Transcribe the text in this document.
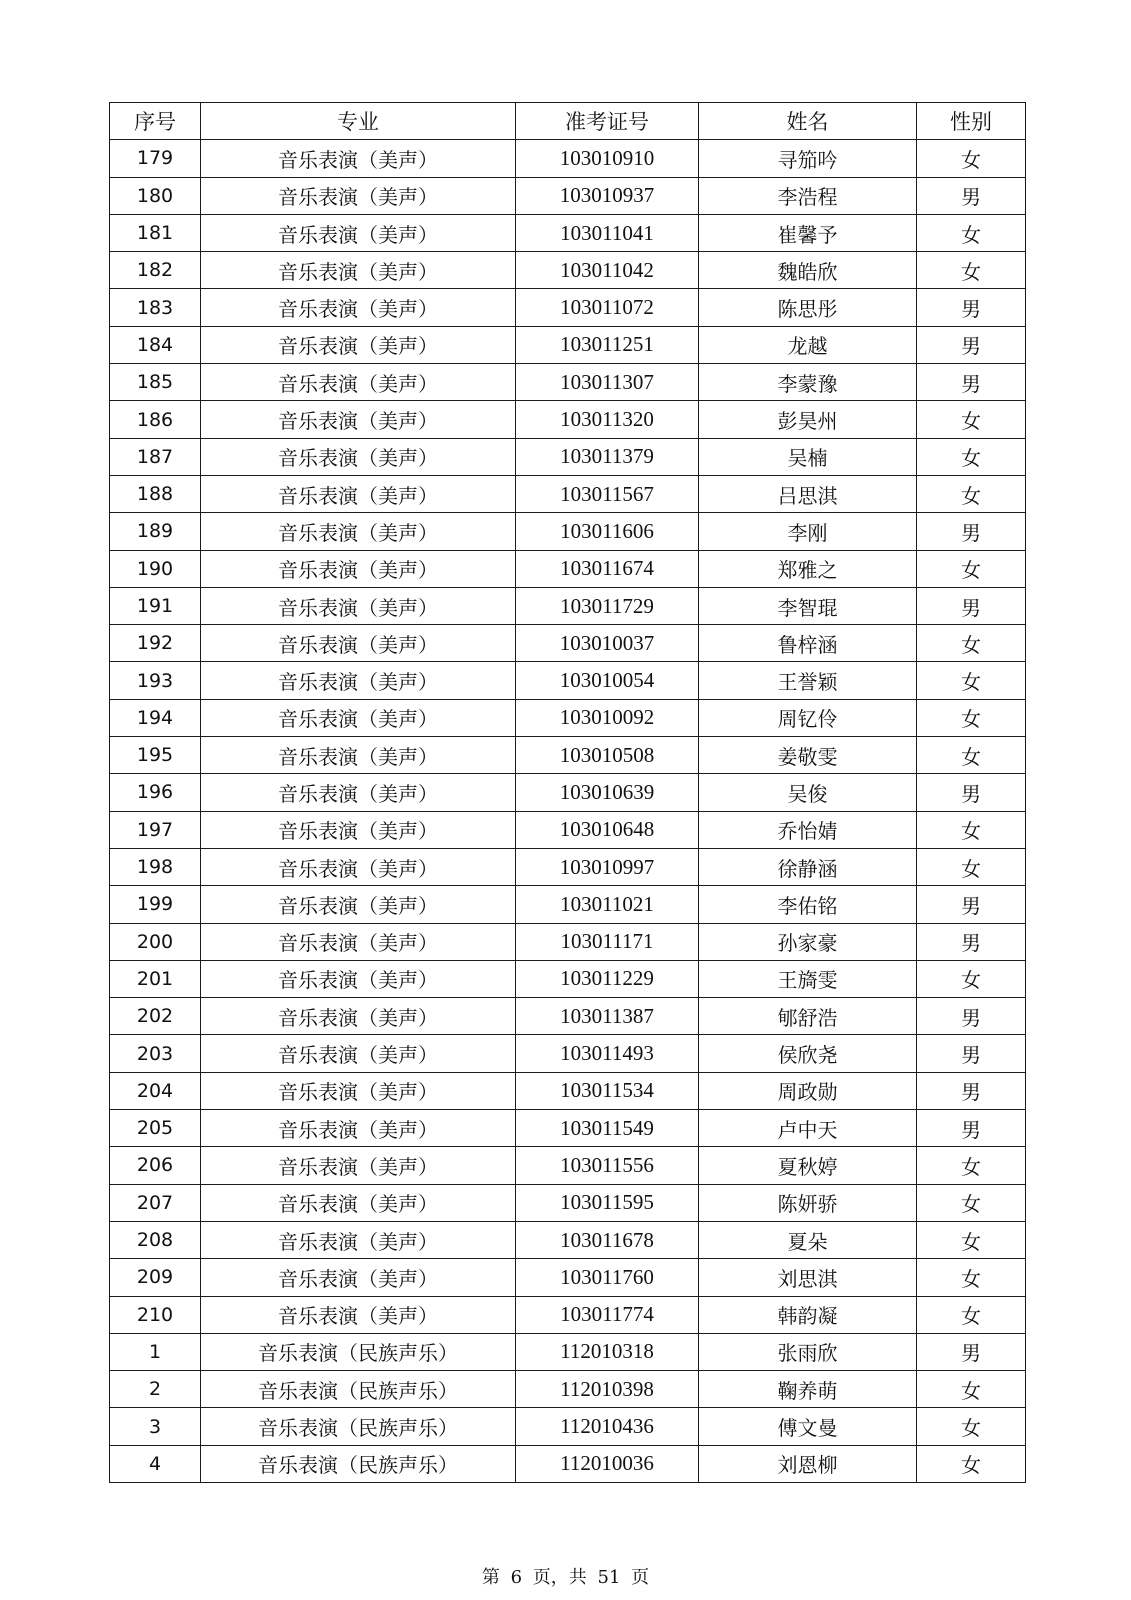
序号	专业	准考证号	姓名	性别
179	音乐表演（美声）	103010910	寻笳吟	女
180	音乐表演（美声）	103010937	李浩程	男
181	音乐表演（美声）	103011041	崔馨予	女
182	音乐表演（美声）	103011042	魏皓欣	女
183	音乐表演（美声）	103011072	陈思彤	男
184	音乐表演（美声）	103011251	龙越	男
185	音乐表演（美声）	103011307	李蒙豫	男
186	音乐表演（美声）	103011320	彭昊州	女
187	音乐表演（美声）	103011379	吴楠	女
188	音乐表演（美声）	103011567	吕思淇	女
189	音乐表演（美声）	103011606	李刚	男
190	音乐表演（美声）	103011674	郑雅之	女
191	音乐表演（美声）	103011729	李智琨	男
192	音乐表演（美声）	103010037	鲁梓涵	女
193	音乐表演（美声）	103010054	王誉颖	女
194	音乐表演（美声）	103010092	周钇伶	女
195	音乐表演（美声）	103010508	姜敬雯	女
196	音乐表演（美声）	103010639	吴俊	男
197	音乐表演（美声）	103010648	乔怡婧	女
198	音乐表演（美声）	103010997	徐静涵	女
199	音乐表演（美声）	103011021	李佑铭	男
200	音乐表演（美声）	103011171	孙家豪	男
201	音乐表演（美声）	103011229	王旖雯	女
202	音乐表演（美声）	103011387	郇舒浩	男
203	音乐表演（美声）	103011493	侯欣尧	男
204	音乐表演（美声）	103011534	周政勋	男
205	音乐表演（美声）	103011549	卢中天	男
206	音乐表演（美声）	103011556	夏秋婷	女
207	音乐表演（美声）	103011595	陈妍骄	女
208	音乐表演（美声）	103011678	夏朵	女
209	音乐表演（美声）	103011760	刘思淇	女
210	音乐表演（美声）	103011774	韩韵凝	女
1	音乐表演（民族声乐）	112010318	张雨欣	男
2	音乐表演（民族声乐）	112010398	鞠养萌	女
3	音乐表演（民族声乐）	112010436	傅文曼	女
4	音乐表演（民族声乐）	112010036	刘恩柳	女
第 6 页，共 51 页
